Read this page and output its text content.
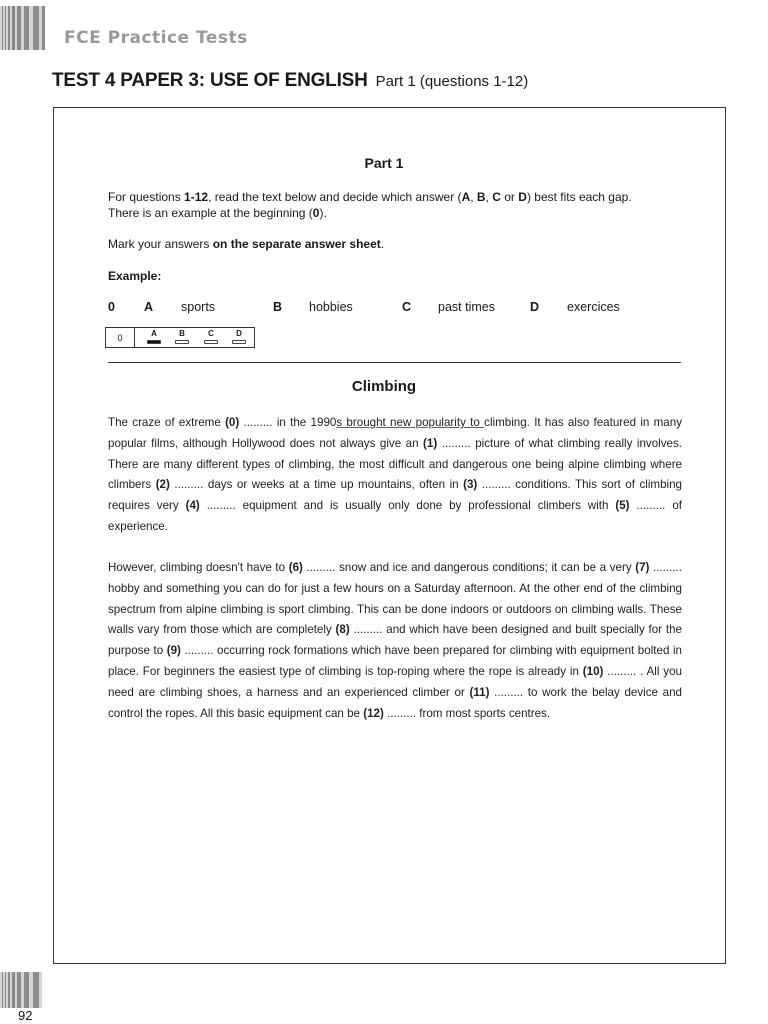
FCE Practice Tests
TEST 4 PAPER 3: USE OF ENGLISH Part 1 (questions 1-12)
Part 1
For questions 1-12, read the text below and decide which answer (A, B, C or D) best fits each gap.
There is an example at the beginning (0).
Mark your answers on the separate answer sheet.
Example:
0 A sports	B hobbies	C past times	D exercices
0	A	B	C	D
Climbing
The craze of extreme (0) ......... in the 1990s brought new popularity to climbing. It has also featured in many popular films, although Hollywood does not always give an (1) ......... picture of what climbing really involves. There are many different types of climbing, the most difficult and dangerous one being alpine climbing where climbers (2) ......... days or weeks at a time up mountains, often in (3) ......... conditions. This sort of climbing requires very (4) ......... equipment and is usually only done by professional climbers with (5) ......... of experience.
However, climbing doesn't have to (6) ......... snow and ice and dangerous conditions; it can be a very (7) ......... hobby and something you can do for just a few hours on a Saturday afternoon. At the other end of the climbing spectrum from alpine climbing is sport climbing. This can be done indoors or outdoors on climbing walls. These walls vary from those which are completely (8) ......... and which have been designed and built specially for the purpose to (9) ......... occurring rock formations which have been prepared for climbing with equipment bolted in place. For beginners the easiest type of climbing is top-roping where the rope is already in (10) ......... . All you need are climbing shoes, a harness and an experienced climber or (11) ......... to work the belay device and control the ropes. All this basic equipment can be (12) ......... from most sports centres.
92
